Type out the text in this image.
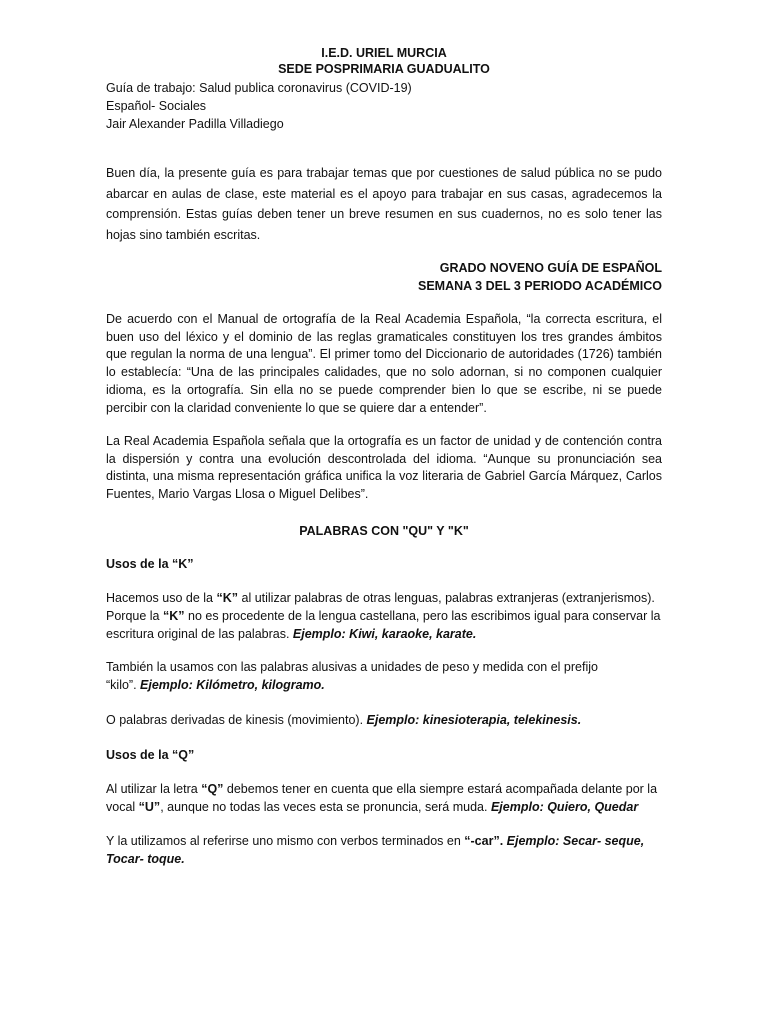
I.E.D. URIEL MURCIA
SEDE POSPRIMARIA GUADUALITO
Guía de trabajo: Salud publica coronavirus (COVID-19)
Español- Sociales
Jair Alexander Padilla Villadiego

Buen día, la presente guía es para trabajar temas que por cuestiones de salud pública no se pudo abarcar en aulas de clase, este material es el apoyo para trabajar en sus casas, agradecemos la comprensión. Estas guías deben tener un breve resumen en sus cuadernos, no es solo tener las hojas sino también escritas.

GRADO NOVENO GUÍA DE ESPAÑOL
SEMANA 3 DEL 3 PERIODO ACADÉMICO

De acuerdo con el Manual de ortografía de la Real Academia Española, “la correcta escritura, el buen uso del léxico y el dominio de las reglas gramaticales constituyen los tres grandes ámbitos que regulan la norma de una lengua”. El primer tomo del Diccionario de autoridades (1726) también lo establecía: “Una de las principales calidades, que no solo adornan, si no componen cualquier idioma, es la ortografía. Sin ella no se puede comprender bien lo que se escribe, ni se puede percibir con la claridad conveniente lo que se quiere dar a entender”.

La Real Academia Española señala que la ortografía es un factor de unidad y de contención contra la dispersión y contra una evolución descontrolada del idioma. “Aunque su pronunciación sea distinta, una misma representación gráfica unifica la voz literaria de Gabriel García Márquez, Carlos Fuentes, Mario Vargas Llosa o Miguel Delibes”.

PALABRAS CON "QU" Y "K"
Usos de la “K”

Hacemos uso de la “K” al utilizar palabras de otras lenguas, palabras extranjeras (extranjerismos). Porque la “K” no es procedente de la lengua castellana, pero las escribimos igual para conservar la escritura original de las palabras. Ejemplo: Kiwi, karaoke, karate.

También la usamos con las palabras alusivas a unidades de peso y medida con el prefijo
“kilo”. Ejemplo: Kilómetro, kilogramo.

O palabras derivadas de kinesis (movimiento). Ejemplo: kinesioterapia, telekinesis.

Usos de la “Q”

Al utilizar la letra “Q” debemos tener en cuenta que ella siempre estará acompañada delante por la vocal “U”, aunque no todas las veces esta se pronuncia, será muda. Ejemplo: Quiero, Quedar

Y la utilizamos al referirse uno mismo con verbos terminados en “-car”. Ejemplo: Secar- seque, Tocar- toque.
